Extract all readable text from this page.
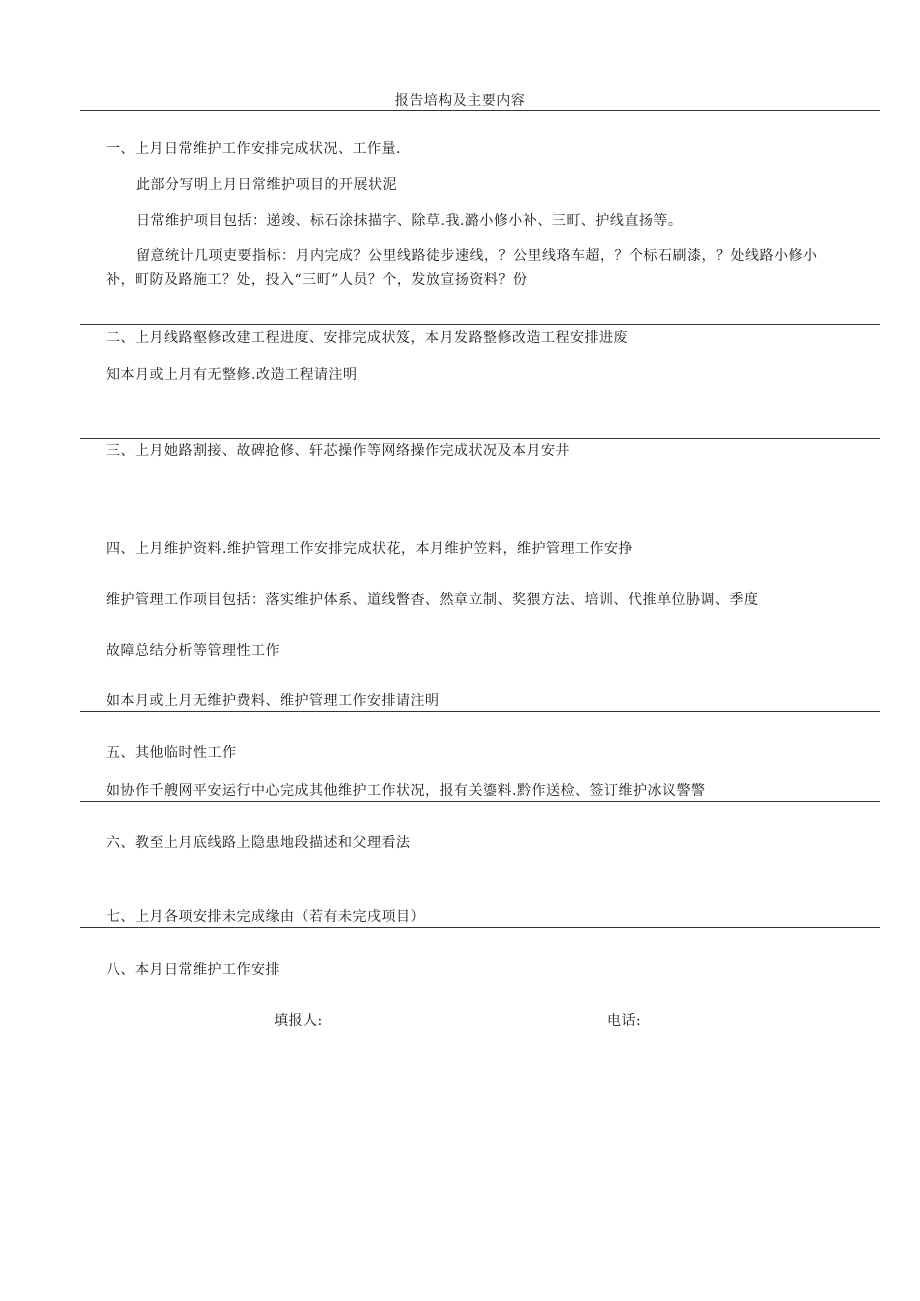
报告培构及主要内容
一、上月日常维护工作安排完成状况、工作量.
此部分写明上月日常维护项目的开展状泥
日常维护项目包括：递竣、标石涂抹描字、除草.我.潞小修小补、三町、护线直扬等。
留意统计几项吏要指标：月内完成？公里线路徒步速线，？公里线珞车超，？个标石刷漆，？处线路小修小
补，町防及路施工？处，投入“三町”人员？个，发放宣扬资料？份
二、上月线路壑修改建工程进度、安排完成状笈，本月发路整修改造工程安排进废
知本月或上月有无整修.改造工程请注明
三、上月她路割接、故碑抢修、轩芯操作等网络操作完成状况及本月安井
四、上月维护资料.维护管理工作安排完成状花，本月维护笠料，维护管理工作安挣
维护管理工作项目包括：落实维护体系、道线瞥杳、然章立制、奖猥方法、培训、代推单位胁调、季度
故障总结分析等管理性工作
如本月或上月无维护费料、维护管理工作安排请注明
五、其他临时性工作
如协作千艘网平安运行中心完成其他维护工作状况，报有关鎏料.黔作送检、签订维护冰议警警
六、教至上月底线路上隐患地段描述和父理看法
七、上月各项安排未完成缘由（若有未完戌项目）
八、本月日常维护工作安排
填报人:	电话:
